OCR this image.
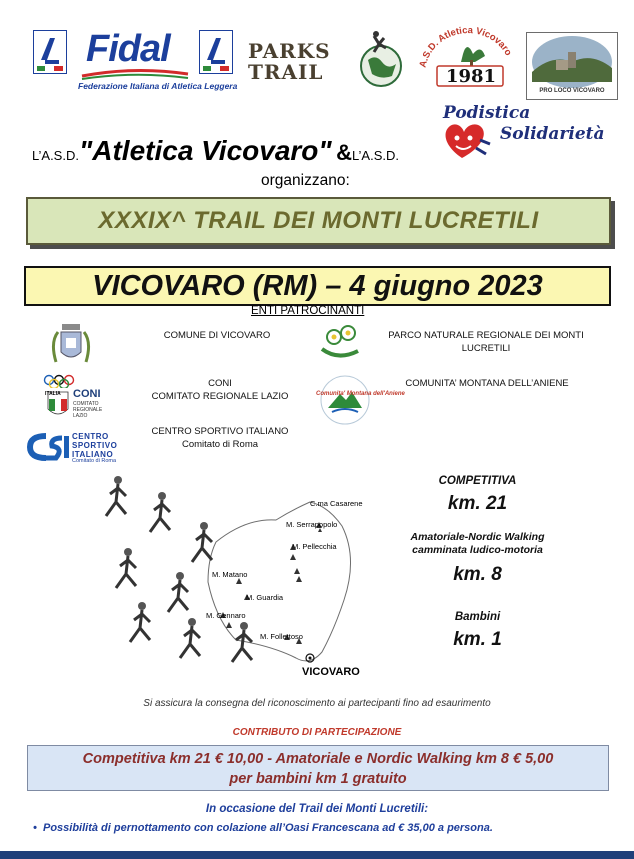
Fidal
Federazione Italiana di Atletica Leggera
PARKS
TRAIL	A.S.D. Atletica Vicovaro
1981
PRO LOCO VICOVARO
L’A.S.D."Atletica Vicovaro" &L’A.S.D.
Podistica
Solidarietà
organizzano:
XXXIX^ TRAIL DEI MONTI LUCRETILI
VICOVARO (RM) – 4 giugno 2023
ENTI PATROCINANTI
COMUNE DI VICOVARO	PARCO NATURALE REGIONALE DEI MONTI LUCRETILI
ITALIA CONI
COMITATO REGIONALE LAZIO
CONI
COMITATO REGIONALE LAZIO	Comunita' Montana dell'Aniene
COMUNITA’ MONTANA DELL’ANIENE
CENTRO SPORTIVO ITALIANO
Comitato di Roma
CENTRO SPORTIVO ITALIANO
Comitato di Roma
C.ma Casarene
M. Serrapopolo
M. Pellecchia
M. Matano
M. Guardia
M. Gennaro
M. Follettoso
VICOVARO
COMPETITIVA
km. 21
Amatoriale-Nordic Walking
camminata ludico-motoria
km. 8
Bambini
km. 1
Si assicura la consegna del riconoscimento ai partecipanti fino ad esaurimento
CONTRIBUTO DI PARTECIPAZIONE
Competitiva km 21 € 10,00 - Amatoriale e Nordic Walking km 8 € 5,00
per bambini km 1 gratuito
In occasione del Trail dei Monti Lucretili:
• Possibilità di pernottamento con colazione all’Oasi Francescana ad € 35,00 a persona.
